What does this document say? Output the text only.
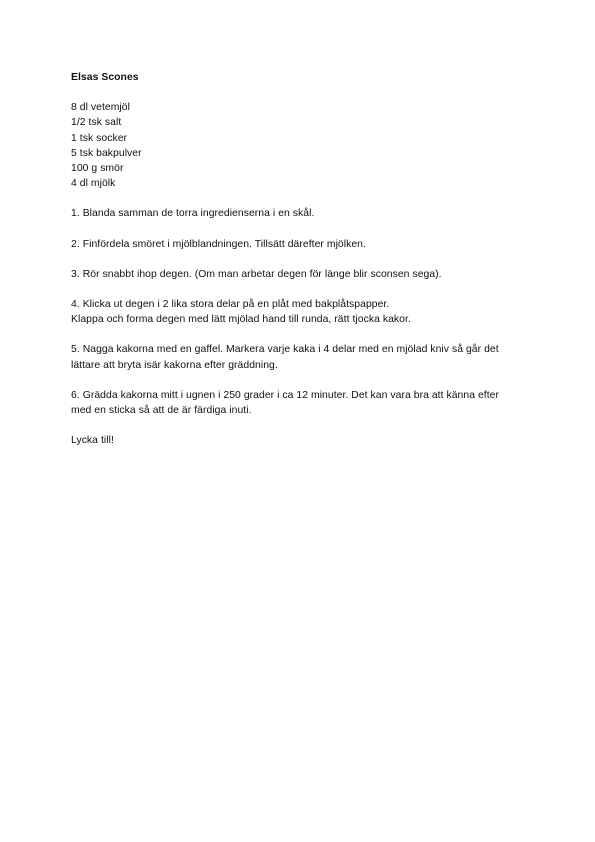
Elsas Scones
8 dl vetemjöl
1/2 tsk salt
1 tsk socker
5 tsk bakpulver
100 g smör
4 dl mjölk
1. Blanda samman de torra ingredienserna i en skål.
2. Finfördela smöret i mjölblandningen. Tillsätt därefter mjölken.
3. Rör snabbt ihop degen. (Om man arbetar degen för länge blir sconsen sega).
4. Klicka ut degen i 2 lika stora delar på en plåt med bakplåtspapper.
Klappa och forma degen med lätt mjölad hand till runda, rätt tjocka kakor.
5. Nagga kakorna med en gaffel. Markera varje kaka i 4 delar med en mjölad kniv så går det
lättare att bryta isär kakorna efter gräddning.
6. Grädda kakorna mitt i ugnen i 250 grader i ca 12 minuter. Det kan vara bra att känna efter
med en sticka så att de är färdiga inuti.
Lycka till!
